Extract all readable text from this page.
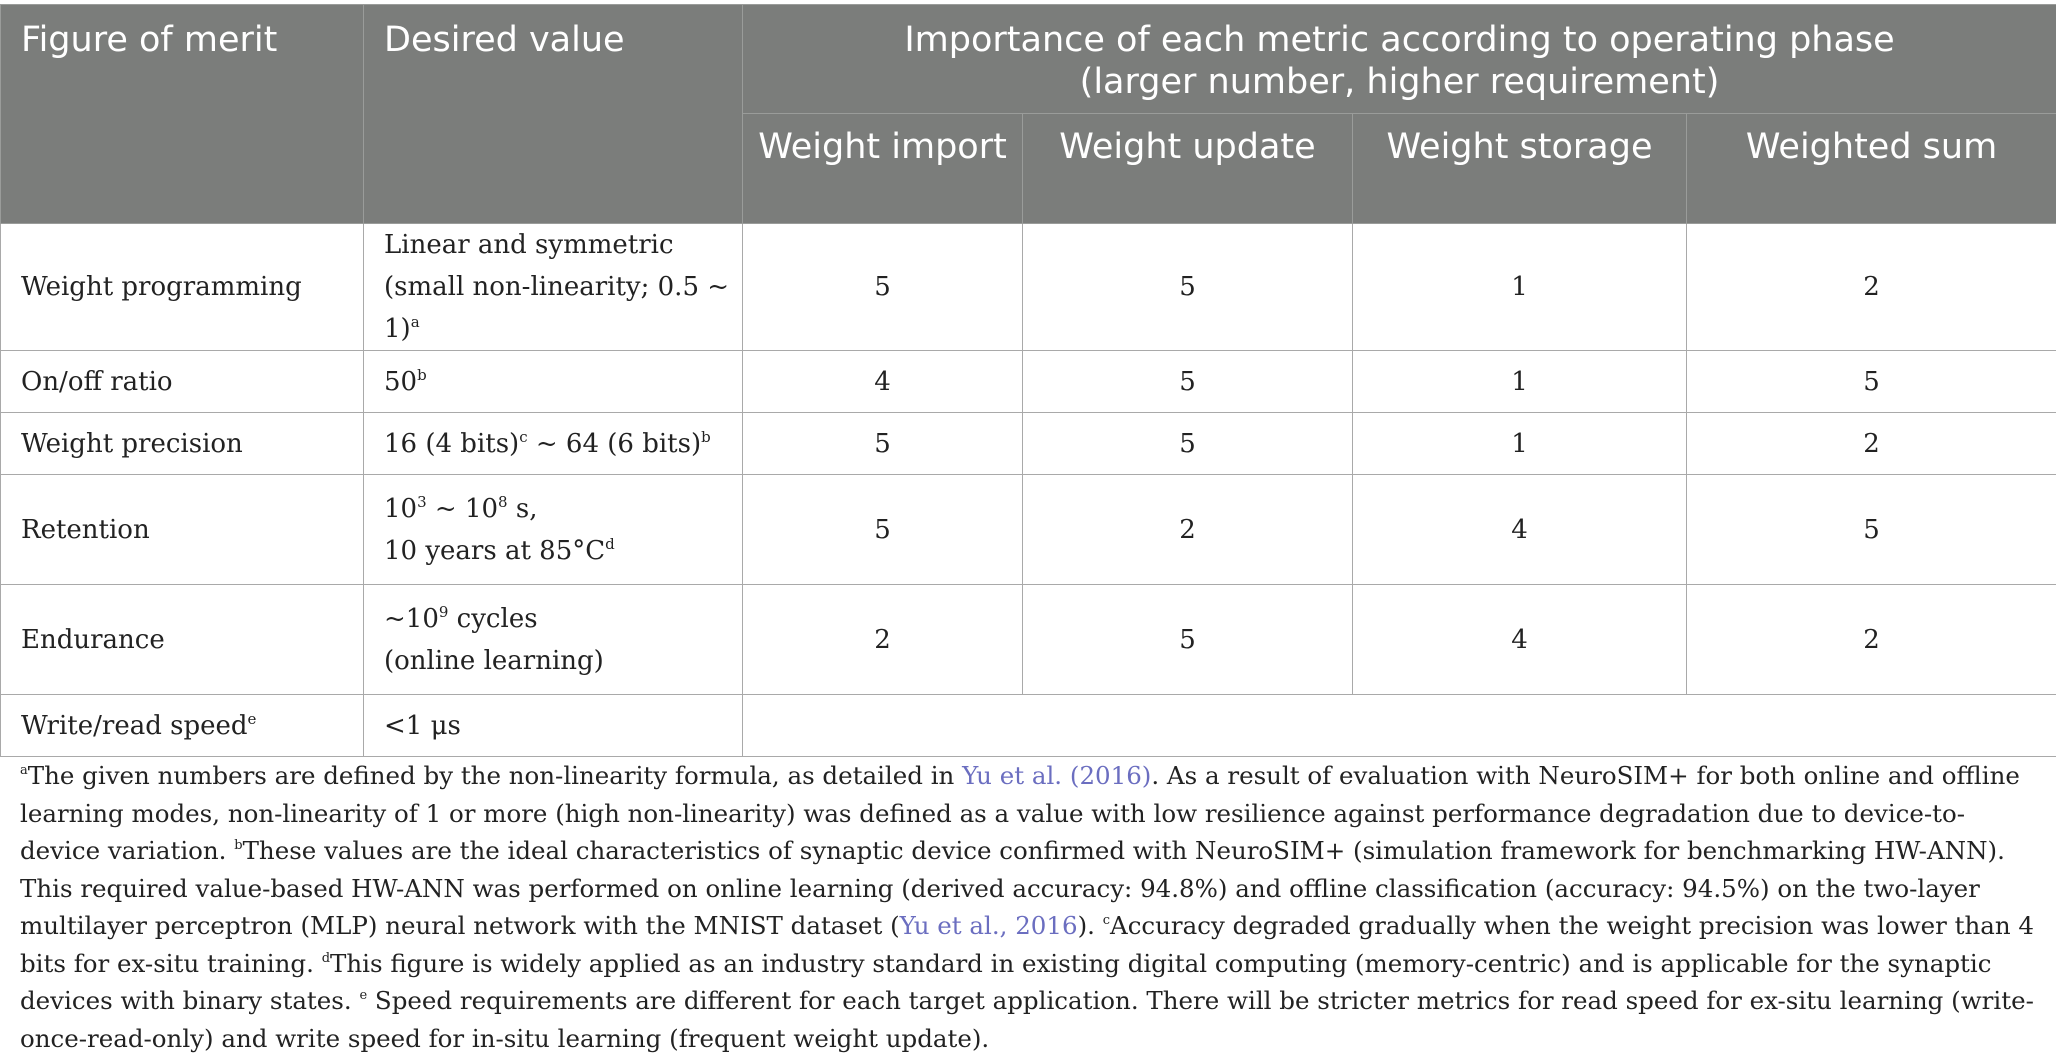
Figure of merit	Desired value	Importance of each metric according to operating phase
(larger number, higher requirement)			

		Weight import	Weight update	Weight storage	Weighted sum
Weight programming	Linear and symmetric
(small non-linearity; 0.5 ~ 1)$^a$	5	5	1	2
On/off ratio	50$^b$	4	5	1	5
Weight precision	16 (4 bits)$^c$ ~ 64 (6 bits)$^b$	5	5	1	2
Retention	$10^3$ ~ $10^8$ s,
10 years at $85^\circ C^d$	5	2	4	5
Endurance	$\sim 10^9$ cycles
(online learning)	2	5	4	2
Write/read speed$^e$	<1 μs				

$^a$The given numbers are defined by the non-linearity formula, as detailed in Yu et al. (2016). As a result of evaluation with NeuroSIM+ for both online and offline learning modes, non-linearity of 1 or more (high non-linearity) was defined as a value with low resilience against performance degradation due to device-to-device variation. $^b$These values are the ideal characteristics of synaptic device confirmed with NeuroSIM+ (simulation framework for benchmarking HW-ANN). This required value-based HW-ANN was performed on online learning (derived accuracy: 94.8%) and offline classification (accuracy: 94.5%) on the two-layer multilayer perceptron (MLP) neural network with the MNIST dataset (Yu et al., 2016). $^c$Accuracy degraded gradually when the weight precision was lower than 4 bits for ex-situ training. $^d$This figure is widely applied as an industry standard in existing digital computing (memory-centric) and is applicable for the synaptic devices with binary states. $^e$ Speed requirements are different for each target application. There will be stricter metrics for read speed for ex-situ learning (write-once-read-only) and write speed for in-situ learning (frequent weight update).
